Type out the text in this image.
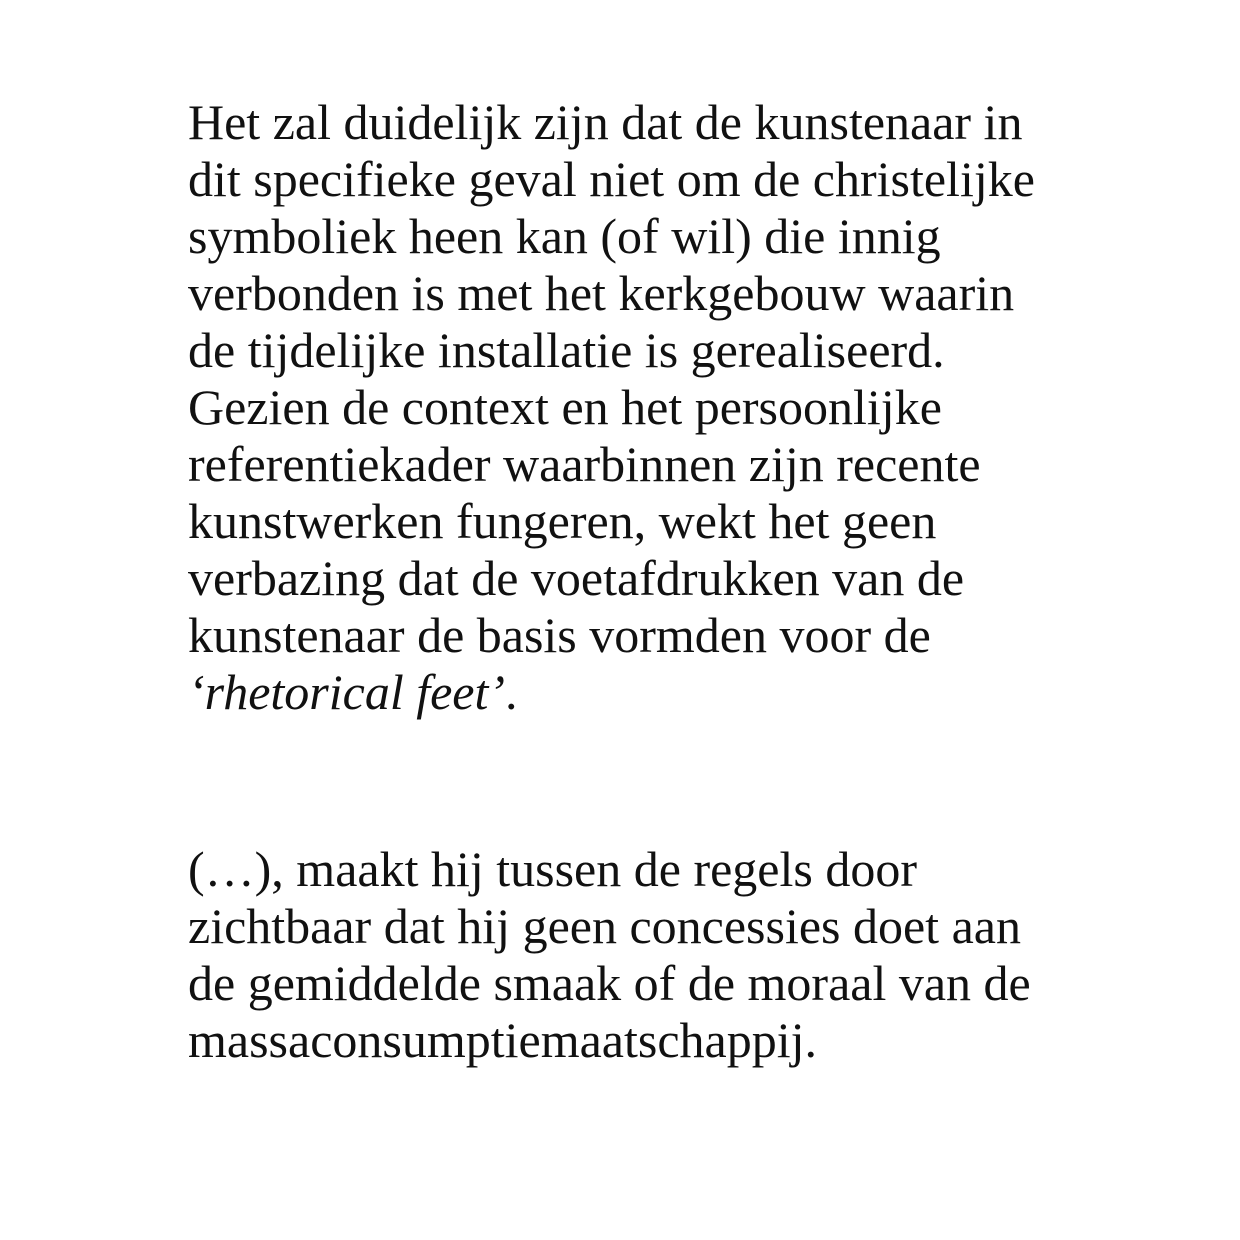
Het zal duidelijk zijn dat de kunstenaar in
dit specifieke geval niet om de christelijke
symboliek heen kan (of wil) die innig
verbonden is met het kerkgebouw waarin
de tijdelijke installatie is gerealiseerd.
Gezien de context en het persoonlijke
referentiekader waarbinnen zijn recente
kunstwerken fungeren, wekt het geen
verbazing dat de voetafdrukken van de
kunstenaar de basis vormden voor de
‘rhetorical feet’.
(…), maakt hij tussen de regels door
zichtbaar dat hij geen concessies doet aan
de gemiddelde smaak of de moraal van de
massaconsumptiemaatschappij.
